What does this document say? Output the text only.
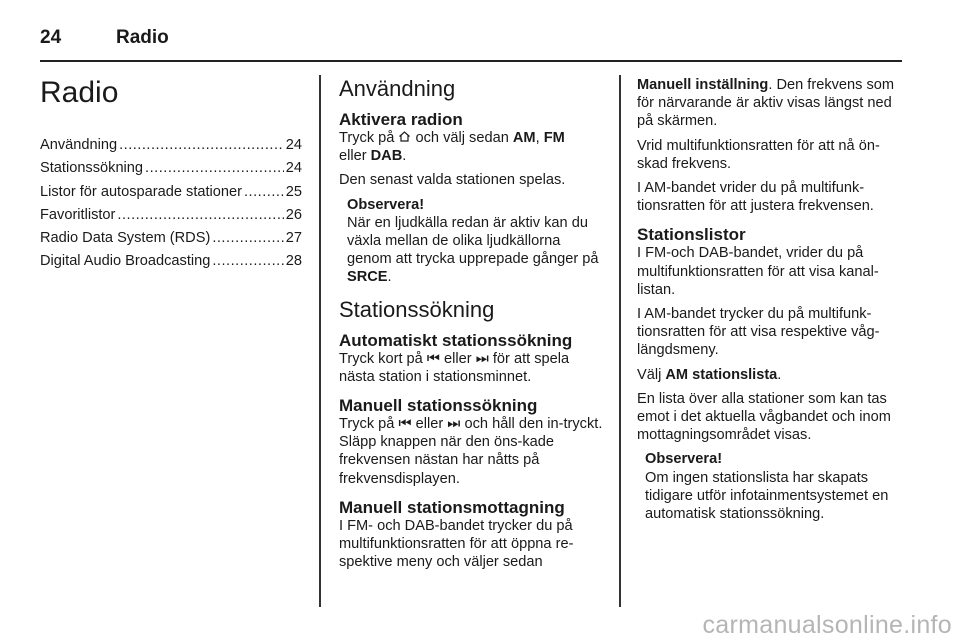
24	Radio
Radio
Användning .....	24
Stationssökning .....	24
Listor för autosparade stationer .....	25
Favoritlistor .....	26
Radio Data System (RDS) .....	27
Digital Audio Broadcasting .....	28
Användning
Aktivera radion

Tryck på  och välj sedan AM, FM
eller DAB.

Den senast valda stationen spelas.

Observera!
När en ljudkälla redan är aktiv kan du växla mellan de olika ljudkällorna genom att trycka upprepade gånger på SRCE.
Stationssökning
Automatiskt stationssökning

Tryck kort på ⏮ eller ⏭ för att spela nästa station i stationsminnet.

Manuell stationssökning

Tryck på ⏮ eller ⏭ och håll den in-tryckt. Släpp knappen när den öns-kade frekvensen nästan har nåtts på frekvensdisplayen.

Manuell stationsmottagning

I FM- och DAB-bandet trycker du på multifunktionsratten för att öppna re-spektive meny och väljer sedan

Manuell inställning. Den frekvens som för närvarande är aktiv visas längst ned på skärmen.

Vrid multifunktionsratten för att nå ön-skad frekvens.

I AM-bandet vrider du på multifunk-tionsratten för att justera frekvensen.

Stationslistor

I FM-och DAB-bandet, vrider du på multifunktionsratten för att visa kanal-listan.

I AM-bandet trycker du på multifunk-tionsratten för att visa respektive våg-längdsmeny.

Välj AM stationslista.

En lista över alla stationer som kan tas emot i det aktuella vågbandet och inom mottagningsområdet visas.

Observera!
Om ingen stationslista har skapats tidigare utför infotainmentsystemet en automatisk stationssökning.
carmanualsonline.info
